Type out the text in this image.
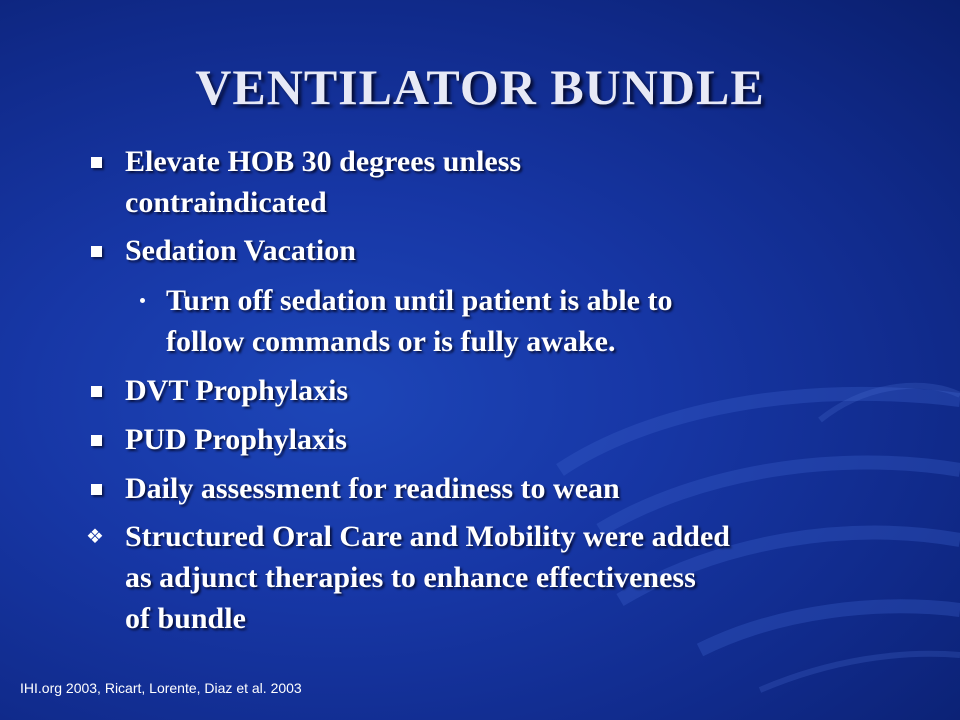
VENTILATOR BUNDLE
Elevate HOB 30 degrees unless
contraindicated
Sedation Vacation
Turn off sedation until patient is able to
follow commands or is fully awake.
DVT Prophylaxis
PUD Prophylaxis
Daily assessment for readiness to wean
❖ Structured Oral Care and Mobility were added
as adjunct therapies to enhance effectiveness
of bundle
IHI.org 2003, Ricart, Lorente, Diaz et al. 2003
